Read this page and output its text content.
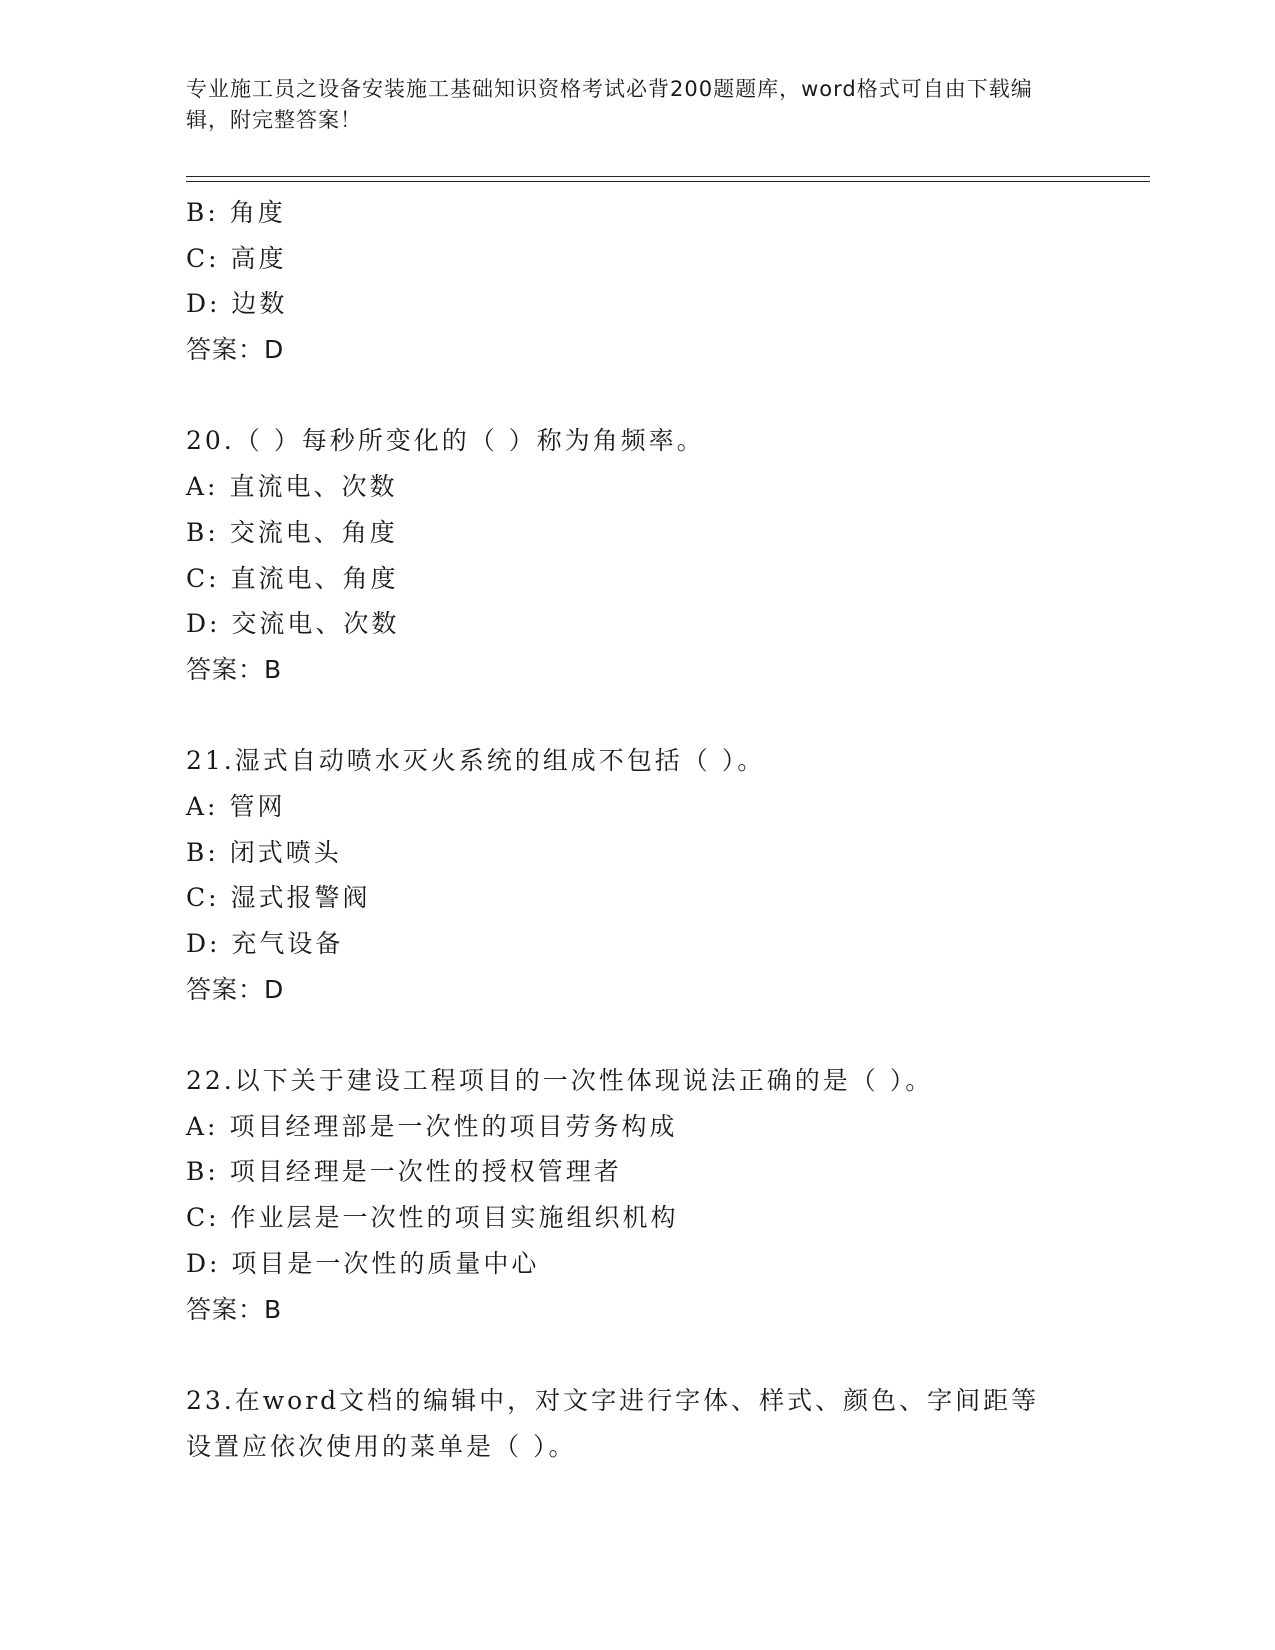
专业施工员之设备安装施工基础知识资格考试必背200题题库，word格式可自由下载编辑，附完整答案！
B: 角度
C: 高度
D: 边数
答案：D
20.（ ）每秒所变化的（ ）称为角频率。
A: 直流电、次数
B: 交流电、角度
C: 直流电、角度
D: 交流电、次数
答案：B
21.湿式自动喷水灭火系统的组成不包括（ ）。
A: 管网
B: 闭式喷头
C: 湿式报警阀
D: 充气设备
答案：D
22.以下关于建设工程项目的一次性体现说法正确的是（ ）。
A: 项目经理部是一次性的项目劳务构成
B: 项目经理是一次性的授权管理者
C: 作业层是一次性的项目实施组织机构
D: 项目是一次性的质量中心
答案：B
23.在word文档的编辑中，对文字进行字体、样式、颜色、字间距等设置应依次使用的菜单是（ ）。
